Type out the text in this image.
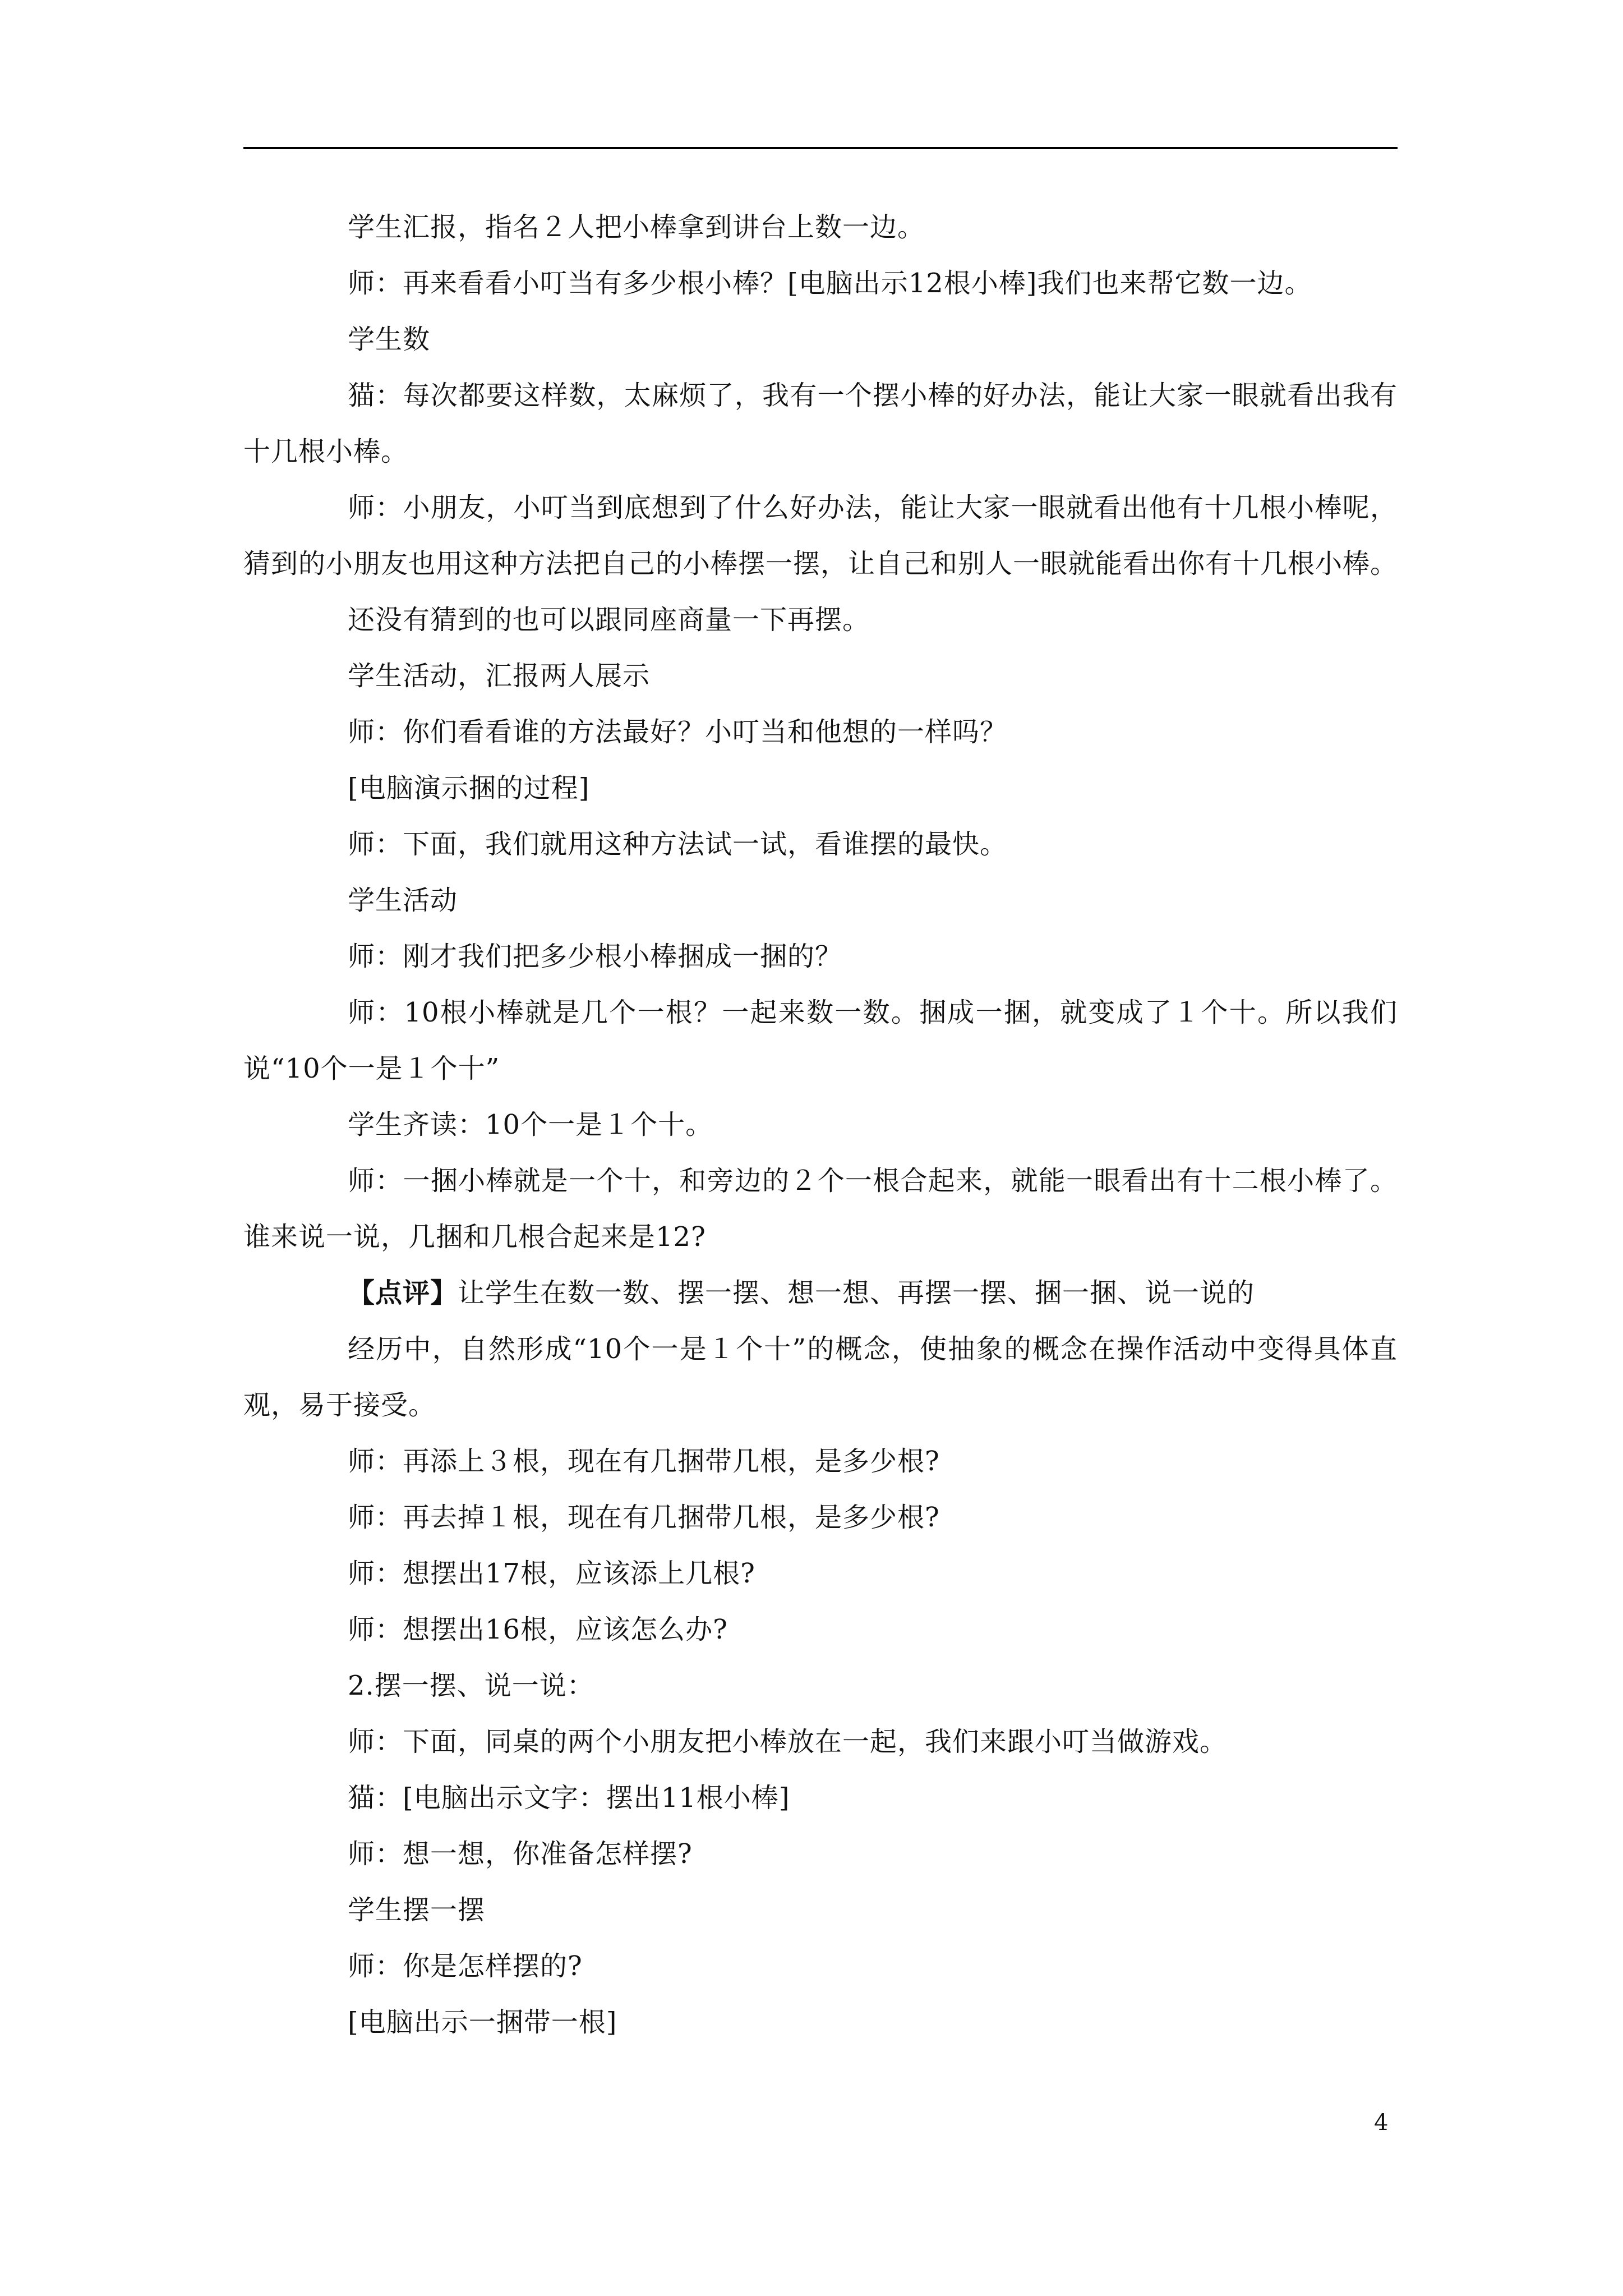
学生汇报，指名２人把小棒拿到讲台上数一边。

师：再来看看小叮当有多少根小棒？[电脑出示12根小棒]我们也来帮它数一边。

学生数

猫：每次都要这样数，太麻烦了，我有一个摆小棒的好办法，能让大家一眼就看出我有十几根小棒。

师：小朋友，小叮当到底想到了什么好办法，能让大家一眼就看出他有十几根小棒呢，猜到的小朋友也用这种方法把自己的小棒摆一摆，让自己和别人一眼就能看出你有十几根小棒。

还没有猜到的也可以跟同座商量一下再摆。

学生活动，汇报两人展示

师：你们看看谁的方法最好？小叮当和他想的一样吗？

[电脑演示捆的过程]

师：下面，我们就用这种方法试一试，看谁摆的最快。

学生活动

师：刚才我们把多少根小棒捆成一捆的？

师：10根小棒就是几个一根？一起来数一数。捆成一捆，就变成了１个十。所以我们说“10个一是１个十”

学生齐读：10个一是１个十。

师：一捆小棒就是一个十，和旁边的２个一根合起来，就能一眼看出有十二根小棒了。谁来说一说，几捆和几根合起来是12?

【点评】让学生在数一数、摆一摆、想一想、再摆一摆、捆一捆、说一说的

经历中，自然形成“10个一是１个十”的概念，使抽象的概念在操作活动中变得具体直观，易于接受。

师：再添上３根，现在有几捆带几根，是多少根?

师：再去掉１根，现在有几捆带几根，是多少根?

师：想摆出17根，应该添上几根?

师：想摆出16根，应该怎么办?

2.摆一摆、说一说：

师：下面，同桌的两个小朋友把小棒放在一起，我们来跟小叮当做游戏。

猫：[电脑出示文字：摆出11根小棒]

师：想一想，你准备怎样摆?

学生摆一摆

师：你是怎样摆的?

[电脑出示一捆带一根]

4
